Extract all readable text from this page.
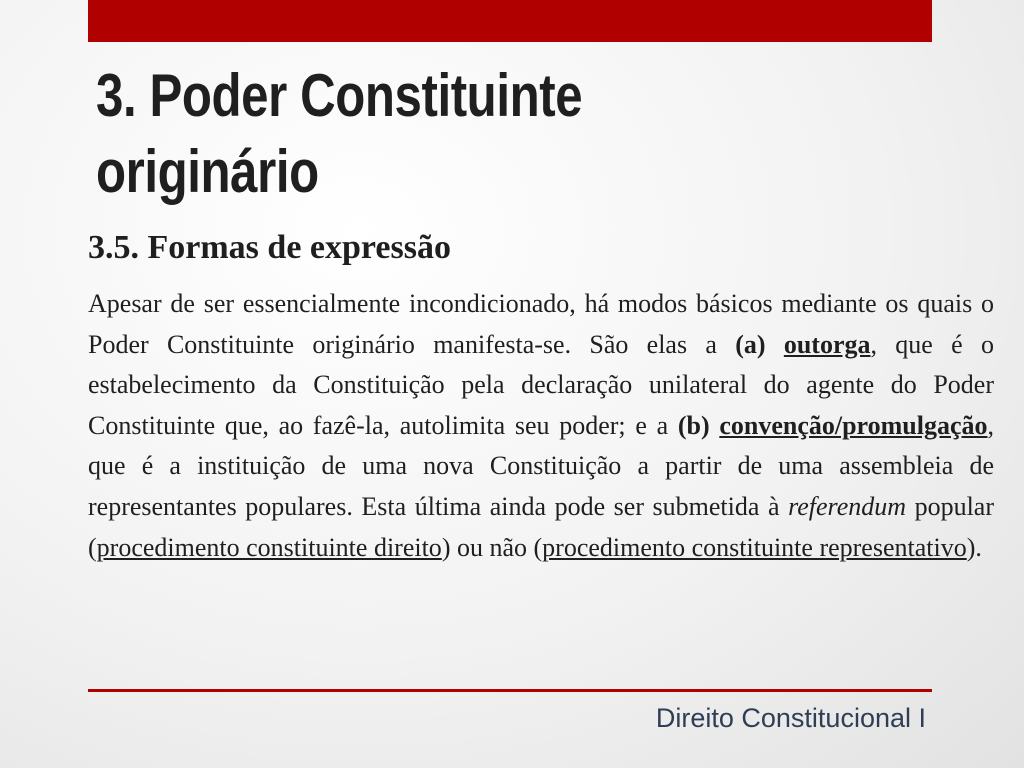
3. Poder Constituinte
originário
3.5. Formas de expressão

Apesar de ser essencialmente incondicionado, há modos básicos mediante os quais o Poder Constituinte originário manifesta-se. São elas a (a) outorga, que é o estabelecimento da Constituição pela declaração unilateral do agente do Poder Constituinte que, ao fazê-la, autolimita seu poder; e a (b) convenção/promulgação, que é a instituição de uma nova Constituição a partir de uma assembleia de representantes populares. Esta última ainda pode ser submetida à referendum popular (procedimento constituinte direito) ou não (procedimento constituinte representativo).

Direito Constitucional I
